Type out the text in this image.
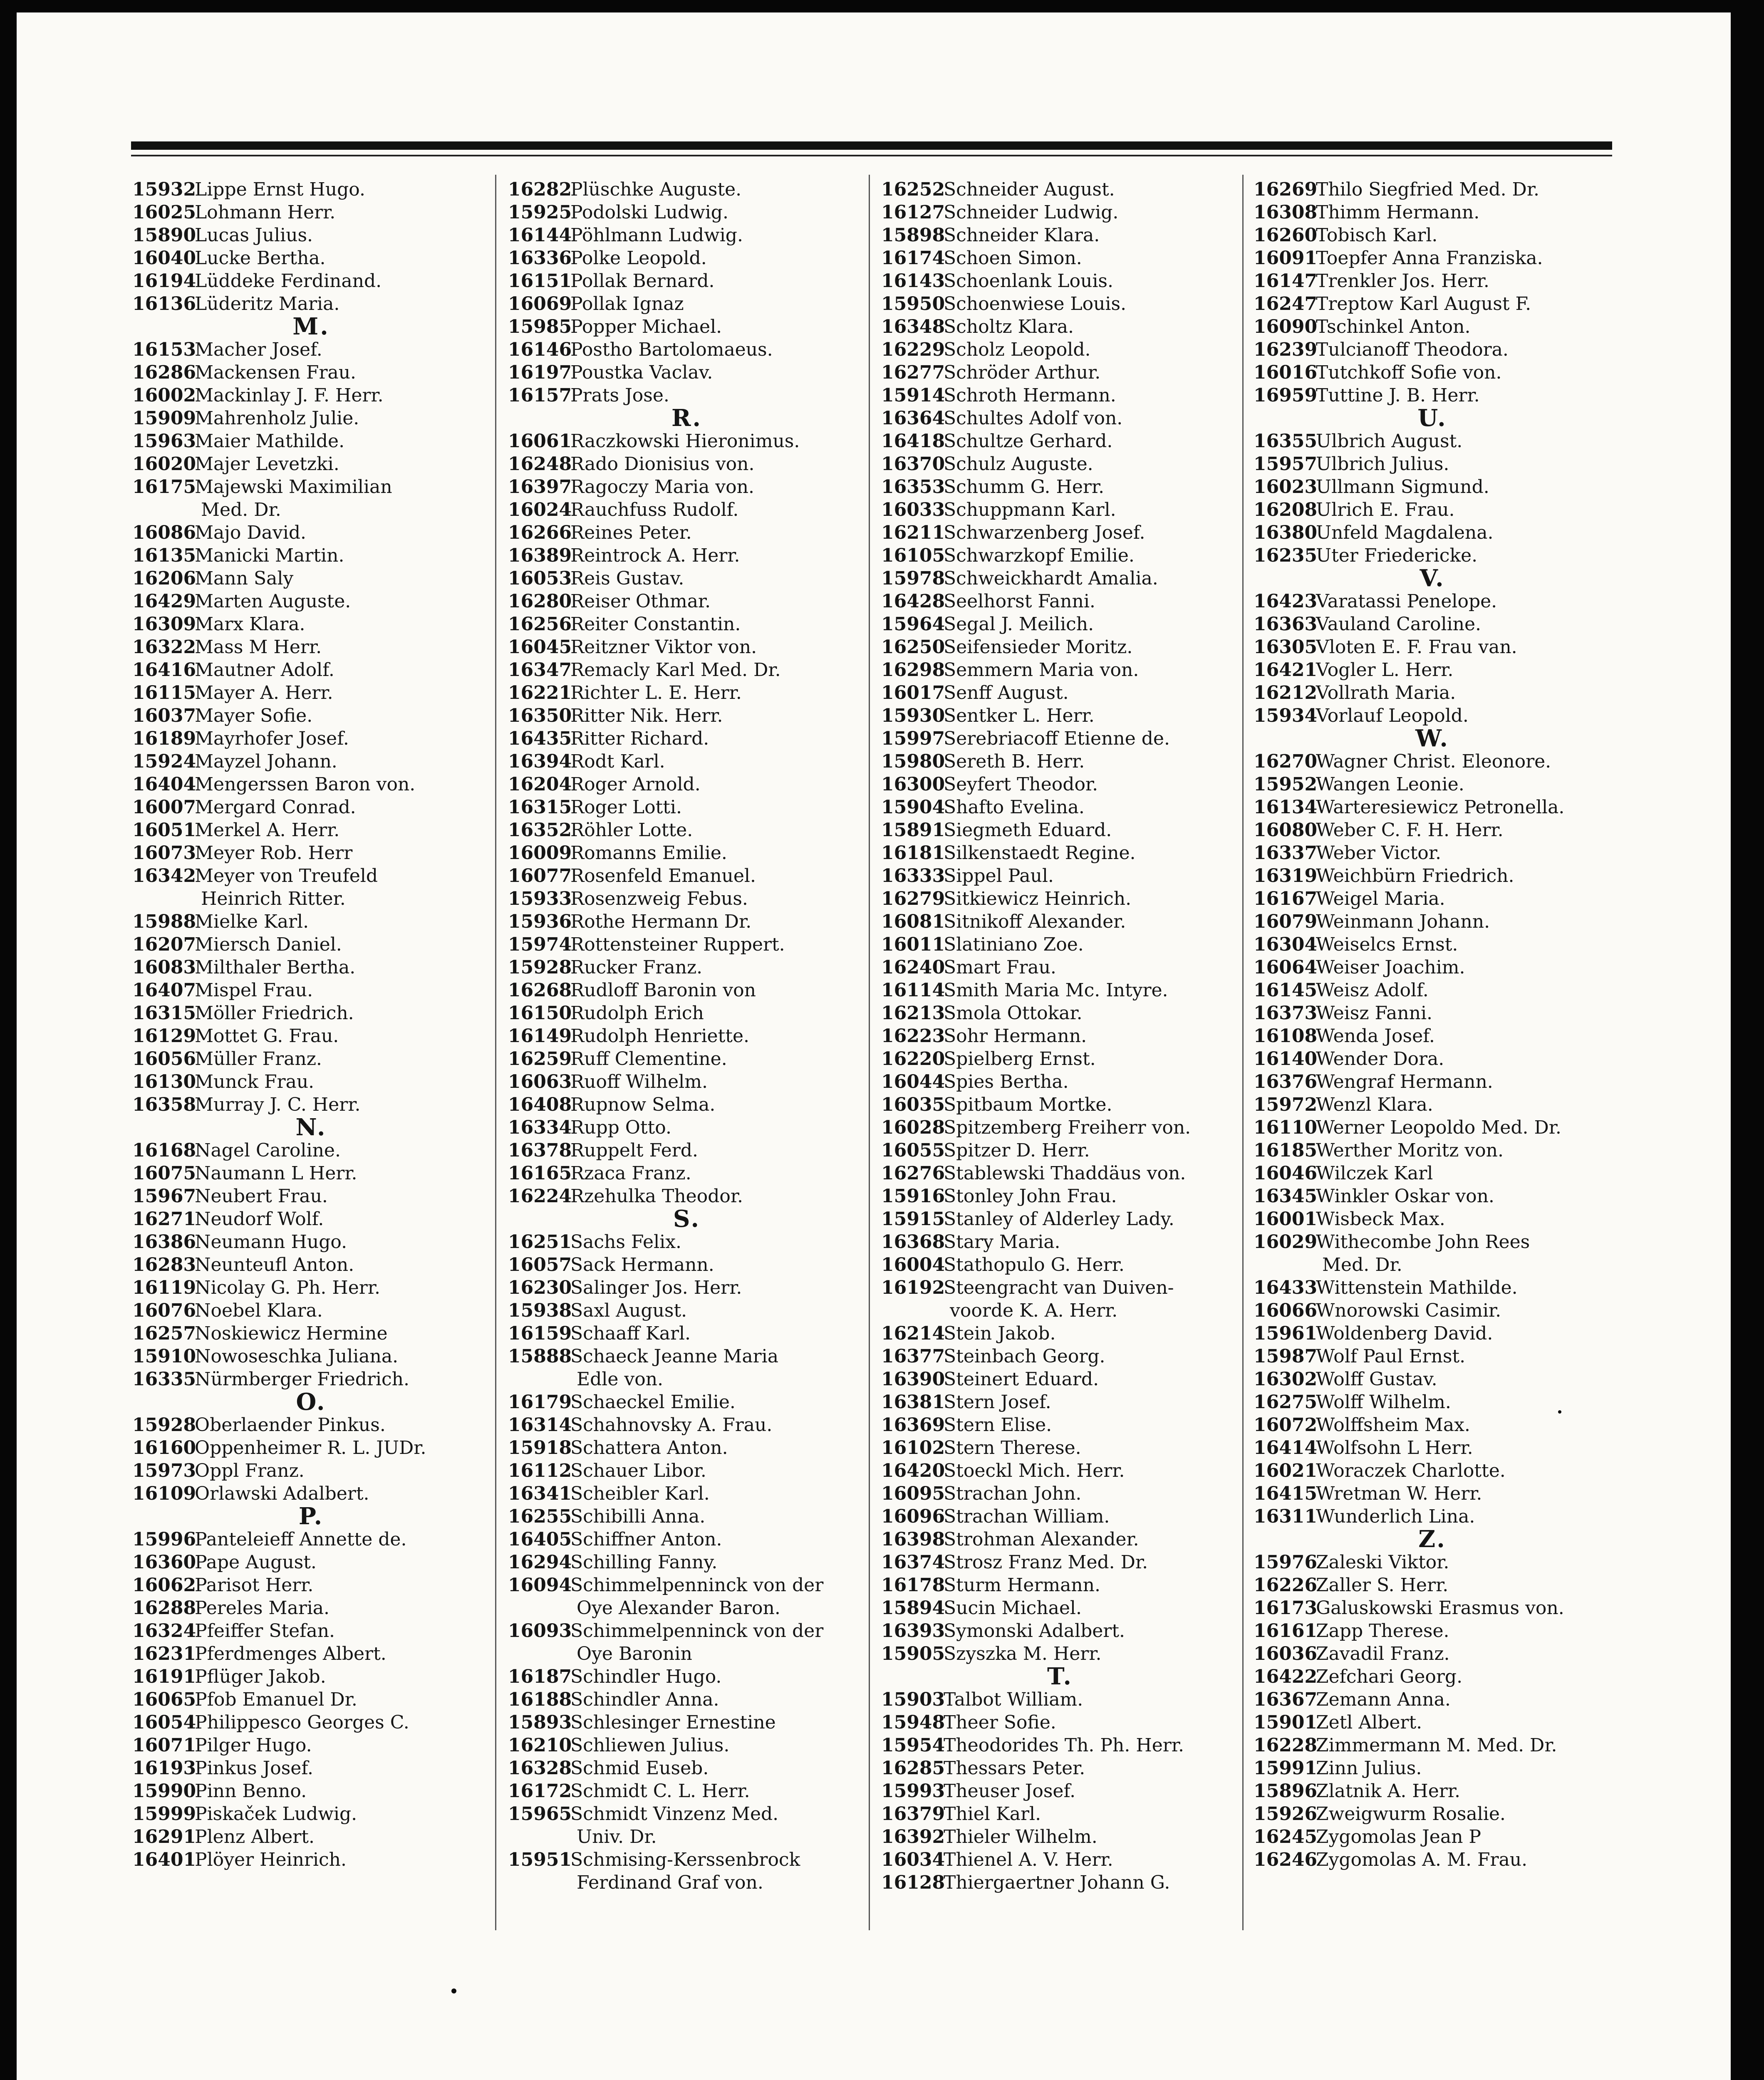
15932Lippe Ernst Hugo.
16025Lohmann Herr.
15890Lucas Julius.
16040Lucke Bertha.
16194Lüddeke Ferdinand.
16136Lüderitz Maria.
M.
16153Macher Josef.
16286Mackensen Frau.
16002Mackinlay J. F. Herr.
15909Mahrenholz Julie.
15963Maier Mathilde.
16020Majer Levetzki.
16175Majewski Maximilian
Med. Dr.
16086Majo David.
16135Manicki Martin.
16206Mann Saly
16429Marten Auguste.
16309Marx Klara.
16322Mass M Herr.
16416Mautner Adolf.
16115Mayer A. Herr.
16037Mayer Sofie.
16189Mayrhofer Josef.
15924Mayzel Johann.
16404Mengerssen Baron von.
16007Mergard Conrad.
16051Merkel A. Herr.
16073Meyer Rob. Herr
16342Meyer von Treufeld
Heinrich Ritter.
15988Mielke Karl.
16207Miersch Daniel.
16083Milthaler Bertha.
16407Mispel Frau.
16315Möller Friedrich.
16129Mottet G. Frau.
16056Müller Franz.
16130Munck Frau.
16358Murray J. C. Herr.
N.
16168Nagel Caroline.
16075Naumann L Herr.
15967Neubert Frau.
16271Neudorf Wolf.
16386Neumann Hugo.
16283Neunteufl Anton.
16119Nicolay G. Ph. Herr.
16076Noebel Klara.
16257Noskiewicz Hermine
15910Nowoseschka Juliana.
16335Nürmberger Friedrich.
O.
15928Oberlaender Pinkus.
16160Oppenheimer R. L. JUDr.
15973Oppl Franz.
16109Orlawski Adalbert.
P.
15996Panteleieff Annette de.
16360Pape August.
16062Parisot Herr.
16288Pereles Maria.
16324Pfeiffer Stefan.
16231Pferdmenges Albert.
16191Pflüger Jakob.
16065Pfob Emanuel Dr.
16054Philippesco Georges C.
16071Pilger Hugo.
16193Pinkus Josef.
15990Pinn Benno.
15999Piskaček Ludwig.
16291Plenz Albert.
16401Plöyer Heinrich.
16282Plüschke Auguste.
15925Podolski Ludwig.
16144Pöhlmann Ludwig.
16336Polke Leopold.
16151Pollak Bernard.
16069Pollak Ignaz
15985Popper Michael.
16146Postho Bartolomaeus.
16197Poustka Vaclav.
16157Prats Jose.
R.
16061Raczkowski Hieronimus.
16248Rado Dionisius von.
16397Ragoczy Maria von.
16024Rauchfuss Rudolf.
16266Reines Peter.
16389Reintrock A. Herr.
16053Reis Gustav.
16280Reiser Othmar.
16256Reiter Constantin.
16045Reitzner Viktor von.
16347Remacly Karl Med. Dr.
16221Richter L. E. Herr.
16350Ritter Nik. Herr.
16435Ritter Richard.
16394Rodt Karl.
16204Roger Arnold.
16315Roger Lotti.
16352Röhler Lotte.
16009Romanns Emilie.
16077Rosenfeld Emanuel.
15933Rosenzweig Febus.
15936Rothe Hermann Dr.
15974Rottensteiner Ruppert.
15928Rucker Franz.
16268Rudloff Baronin von
16150Rudolph Erich
16149Rudolph Henriette.
16259Ruff Clementine.
16063Ruoff Wilhelm.
16408Rupnow Selma.
16334Rupp Otto.
16378Ruppelt Ferd.
16165Rzaca Franz.
16224Rzehulka Theodor.
S.
16251Sachs Felix.
16057Sack Hermann.
16230Salinger Jos. Herr.
15938Saxl August.
16159Schaaff Karl.
15888Schaeck Jeanne Maria
Edle von.
16179Schaeckel Emilie.
16314Schahnovsky A. Frau.
15918Schattera Anton.
16112Schauer Libor.
16341Scheibler Karl.
16255Schibilli Anna.
16405Schiffner Anton.
16294Schilling Fanny.
16094Schimmelpenninck von der
Oye Alexander Baron.
16093Schimmelpenninck von der
Oye Baronin
16187Schindler Hugo.
16188Schindler Anna.
15893Schlesinger Ernestine
16210Schliewen Julius.
16328Schmid Euseb.
16172Schmidt C. L. Herr.
15965Schmidt Vinzenz Med.
Univ. Dr.
15951Schmising-Kerssenbrock
Ferdinand Graf von.
16252Schneider August.
16127Schneider Ludwig.
15898Schneider Klara.
16174Schoen Simon.
16143Schoenlank Louis.
15950Schoenwiese Louis.
16348Scholtz Klara.
16229Scholz Leopold.
16277Schröder Arthur.
15914Schroth Hermann.
16364Schultes Adolf von.
16418Schultze Gerhard.
16370Schulz Auguste.
16353Schumm G. Herr.
16033Schuppmann Karl.
16211Schwarzenberg Josef.
16105Schwarzkopf Emilie.
15978Schweickhardt Amalia.
16428Seelhorst Fanni.
15964Segal J. Meilich.
16250Seifensieder Moritz.
16298Semmern Maria von.
16017Senff August.
15930Sentker L. Herr.
15997Serebriacoff Etienne de.
15980Sereth B. Herr.
16300Seyfert Theodor.
15904Shafto Evelina.
15891Siegmeth Eduard.
16181Silkenstaedt Regine.
16333Sippel Paul.
16279Sitkiewicz Heinrich.
16081Sitnikoff Alexander.
16011Slatiniano Zoe.
16240Smart Frau.
16114Smith Maria Mc. Intyre.
16213Smola Ottokar.
16223Sohr Hermann.
16220Spielberg Ernst.
16044Spies Bertha.
16035Spitbaum Mortke.
16028Spitzemberg Freiherr von.
16055Spitzer D. Herr.
16276Stablewski Thaddäus von.
15916Stonley John Frau.
15915Stanley of Alderley Lady.
16368Stary Maria.
16004Stathopulo G. Herr.
16192Steengracht van Duiven-
voorde K. A. Herr.
16214Stein Jakob.
16377Steinbach Georg.
16390Steinert Eduard.
16381Stern Josef.
16369Stern Elise.
16102Stern Therese.
16420Stoeckl Mich. Herr.
16095Strachan John.
16096Strachan William.
16398Strohman Alexander.
16374Strosz Franz Med. Dr.
16178Sturm Hermann.
15894Sucin Michael.
16393Symonski Adalbert.
15905Szyszka M. Herr.
T.
15903Talbot William.
15948Theer Sofie.
15954Theodorides Th. Ph. Herr.
16285Thessars Peter.
15993Theuser Josef.
16379Thiel Karl.
16392Thieler Wilhelm.
16034Thienel A. V. Herr.
16128Thiergaertner Johann G.
16269Thilo Siegfried Med. Dr.
16308Thimm Hermann.
16260Tobisch Karl.
16091Toepfer Anna Franziska.
16147Trenkler Jos. Herr.
16247Treptow Karl August F.
16090Tschinkel Anton.
16239Tulcianoff Theodora.
16016Tutchkoff Sofie von.
16959Tuttine J. B. Herr.
U.
16355Ulbrich August.
15957Ulbrich Julius.
16023Ullmann Sigmund.
16208Ulrich E. Frau.
16380Unfeld Magdalena.
16235Uter Friedericke.
V.
16423Varatassi Penelope.
16363Vauland Caroline.
16305Vloten E. F. Frau van.
16421Vogler L. Herr.
16212Vollrath Maria.
15934Vorlauf Leopold.
W.
16270Wagner Christ. Eleonore.
15952Wangen Leonie.
16134Warteresiewicz Petronella.
16080Weber C. F. H. Herr.
16337Weber Victor.
16319Weichbürn Friedrich.
16167Weigel Maria.
16079Weinmann Johann.
16304Weiselcs Ernst.
16064Weiser Joachim.
16145Weisz Adolf.
16373Weisz Fanni.
16108Wenda Josef.
16140Wender Dora.
16376Wengraf Hermann.
15972Wenzl Klara.
16110Werner Leopoldo Med. Dr.
16185Werther Moritz von.
16046Wilczek Karl
16345Winkler Oskar von.
16001Wisbeck Max.
16029Withecombe John Rees
Med. Dr.
16433Wittenstein Mathilde.
16066Wnorowski Casimir.
15961Woldenberg David.
15987Wolf Paul Ernst.
16302Wolff Gustav.
16275Wolff Wilhelm.
16072Wolffsheim Max.
16414Wolfsohn L Herr.
16021Woraczek Charlotte.
16415Wretman W. Herr.
16311Wunderlich Lina.
Z.
15976Zaleski Viktor.
16226Zaller S. Herr.
16173Galuskowski Erasmus von.
16161Zapp Therese.
16036Zavadil Franz.
16422Zefchari Georg.
16367Zemann Anna.
15901Zetl Albert.
16228Zimmermann M. Med. Dr.
15991Zinn Julius.
15896Zlatnik A. Herr.
15926Zweigwurm Rosalie.
16245Zygomolas Jean P
16246Zygomolas A. M. Frau.
